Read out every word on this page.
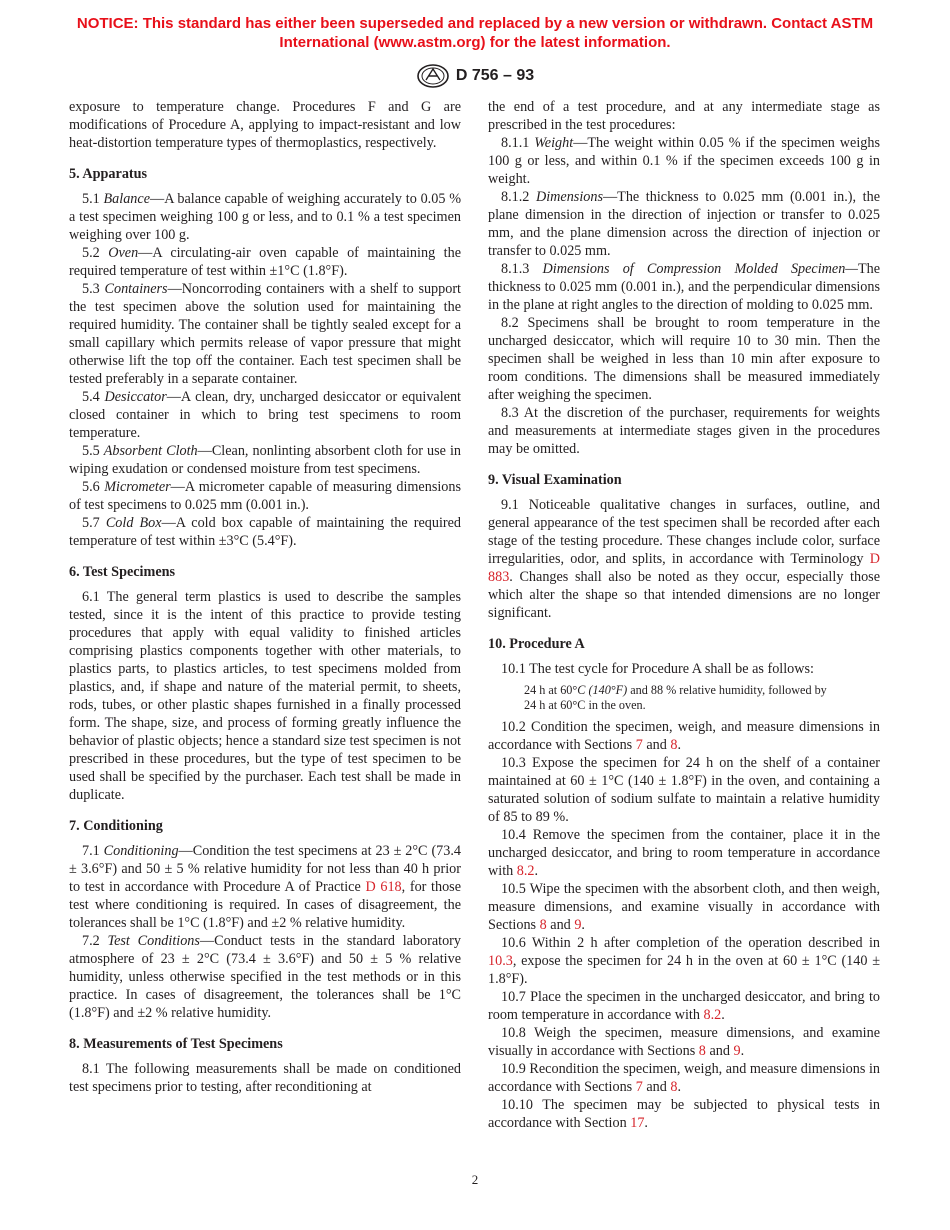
NOTICE: This standard has either been superseded and replaced by a new version or withdrawn. Contact ASTM
International (www.astm.org) for the latest information.
D 756 – 93

exposure to temperature change. Procedures F and G are modifications of Procedure A, applying to impact-resistant and low heat-distortion temperature types of thermoplastics, respectively.

5. Apparatus

5.1 Balance—A balance capable of weighing accurately to 0.05 % a test specimen weighing 100 g or less, and to 0.1 % a test specimen weighing over 100 g.

5.2 Oven—A circulating-air oven capable of maintaining the required temperature of test within ±1°C (1.8°F).

5.3 Containers—Noncorroding containers with a shelf to support the test specimen above the solution used for maintaining the required humidity. The container shall be tightly sealed except for a small capillary which permits release of vapor pressure that might otherwise lift the top off the container. Each test specimen shall be tested preferably in a separate container.

5.4 Desiccator—A clean, dry, uncharged desiccator or equivalent closed container in which to bring test specimens to room temperature.

5.5 Absorbent Cloth—Clean, nonlinting absorbent cloth for use in wiping exudation or condensed moisture from test specimens.

5.6 Micrometer—A micrometer capable of measuring dimensions of test specimens to 0.025 mm (0.001 in.).

5.7 Cold Box—A cold box capable of maintaining the required temperature of test within ±3°C (5.4°F).

6. Test Specimens

6.1 The general term plastics is used to describe the samples tested, since it is the intent of this practice to provide testing procedures that apply with equal validity to finished articles comprising plastics components together with other materials, to plastics parts, to plastics articles, to test specimens molded from plastics, and, if shape and nature of the material permit, to sheets, rods, tubes, or other plastic shapes furnished in a finally processed form. The shape, size, and process of forming greatly influence the behavior of plastic objects; hence a standard size test specimen is not prescribed in these procedures, but the type of test specimen to be used shall be specified by the purchaser. Each test shall be made in duplicate.

7. Conditioning

7.1 Conditioning—Condition the test specimens at 23 ± 2°C (73.4 ± 3.6°F) and 50 ± 5 % relative humidity for not less than 40 h prior to test in accordance with Procedure A of Practice D 618, for those test where conditioning is required. In cases of disagreement, the tolerances shall be 1°C (1.8°F) and ±2 % relative humidity.

7.2 Test Conditions—Conduct tests in the standard laboratory atmosphere of 23 ± 2°C (73.4 ± 3.6°F) and 50 ± 5 % relative humidity, unless otherwise specified in the test methods or in this practice. In cases of disagreement, the tolerances shall be 1°C (1.8°F) and ±2 % relative humidity.

8. Measurements of Test Specimens

8.1 The following measurements shall be made on conditioned test specimens prior to testing, after reconditioning at

the end of a test procedure, and at any intermediate stage as prescribed in the test procedures:

8.1.1 Weight—The weight within 0.05 % if the specimen weighs 100 g or less, and within 0.1 % if the specimen exceeds 100 g in weight.

8.1.2 Dimensions—The thickness to 0.025 mm (0.001 in.), the plane dimension in the direction of injection or transfer to 0.025 mm, and the plane dimension across the direction of injection or transfer to 0.025 mm.

8.1.3 Dimensions of Compression Molded Specimen—The thickness to 0.025 mm (0.001 in.), and the perpendicular dimensions in the plane at right angles to the direction of molding to 0.025 mm.

8.2 Specimens shall be brought to room temperature in the uncharged desiccator, which will require 10 to 30 min. Then the specimen shall be weighed in less than 10 min after exposure to room conditions. The dimensions shall be measured immediately after weighing the specimen.

8.3 At the discretion of the purchaser, requirements for weights and measurements at intermediate stages given in the procedures may be omitted.

9. Visual Examination

9.1 Noticeable qualitative changes in surfaces, outline, and general appearance of the test specimen shall be recorded after each stage of the testing procedure. These changes include color, surface irregularities, odor, and splits, in accordance with Terminology D 883. Changes shall also be noted as they occur, especially those which alter the shape so that intended dimensions are no longer significant.

10. Procedure A

10.1 The test cycle for Procedure A shall be as follows:

24 h at 60°C (140°F) and 88 % relative humidity, followed by
24 h at 60°C in the oven.

10.2 Condition the specimen, weigh, and measure dimensions in accordance with Sections 7 and 8.

10.3 Expose the specimen for 24 h on the shelf of a container maintained at 60 ± 1°C (140 ± 1.8°F) in the oven, and containing a saturated solution of sodium sulfate to maintain a relative humidity of 85 to 89 %.

10.4 Remove the specimen from the container, place it in the uncharged desiccator, and bring to room temperature in accordance with 8.2.

10.5 Wipe the specimen with the absorbent cloth, and then weigh, measure dimensions, and examine visually in accordance with Sections 8 and 9.

10.6 Within 2 h after completion of the operation described in 10.3, expose the specimen for 24 h in the oven at 60 ± 1°C (140 ± 1.8°F).

10.7 Place the specimen in the uncharged desiccator, and bring to room temperature in accordance with 8.2.

10.8 Weigh the specimen, measure dimensions, and examine visually in accordance with Sections 8 and 9.

10.9 Recondition the specimen, weigh, and measure dimensions in accordance with Sections 7 and 8.

10.10 The specimen may be subjected to physical tests in accordance with Section 17.

2
